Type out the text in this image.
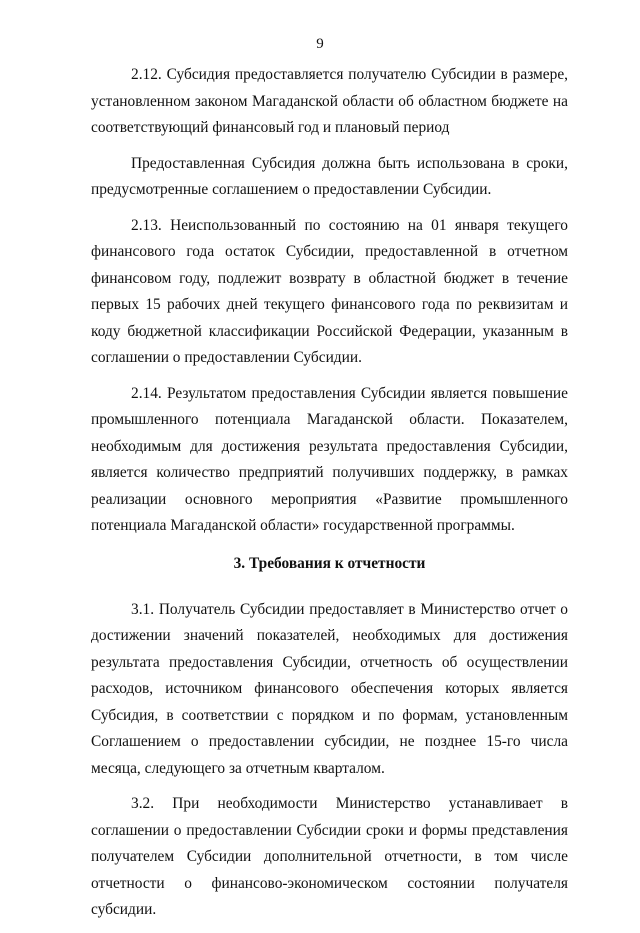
9

2.12. Субсидия предоставляется получателю Субсидии в размере, установленном законом Магаданской области об областном бюджете на соответствующий финансовый год и плановый период

Предоставленная Субсидия должна быть использована в сроки, предусмотренные соглашением о предоставлении Субсидии.

2.13. Неиспользованный по состоянию на 01 января текущего финансового года остаток Субсидии, предоставленной в отчетном финансовом году, подлежит возврату в областной бюджет в течение первых 15 рабочих дней текущего финансового года по реквизитам и коду бюджетной классификации Российской Федерации, указанным в соглашении о предоставлении Субсидии.

2.14. Результатом предоставления Субсидии является повышение промышленного потенциала Магаданской области. Показателем, необходимым для достижения результата предоставления Субсидии, является количество предприятий получивших поддержку, в рамках реализации основного мероприятия «Развитие промышленного потенциала Магаданской области» государственной программы.

3. Требования к отчетности

3.1. Получатель Субсидии предоставляет в Министерство отчет о достижении значений показателей, необходимых для достижения результата предоставления Субсидии, отчетность об осуществлении расходов, источником финансового обеспечения которых является Субсидия, в соответствии с порядком и по формам, установленным Соглашением о предоставлении субсидии, не позднее 15-го числа месяца, следующего за отчетным кварталом.

3.2. При необходимости Министерство устанавливает в соглашении о предоставлении Субсидии сроки и формы представления получателем Субсидии дополнительной отчетности, в том числе отчетности о финансово-экономическом состоянии получателя субсидии.
